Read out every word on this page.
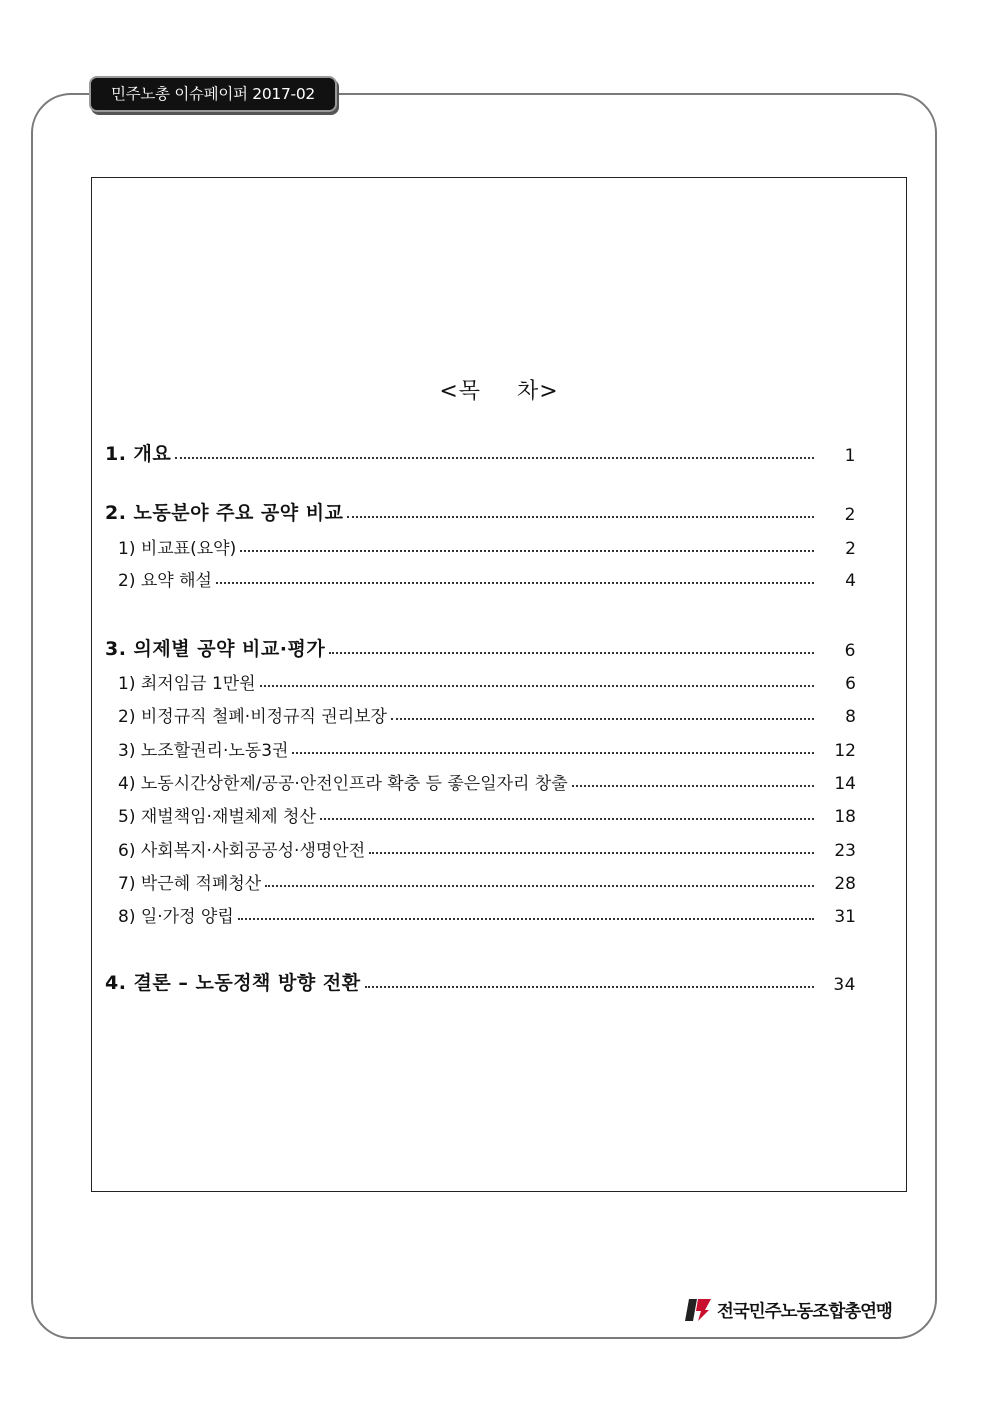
민주노총 이슈페이퍼 2017-02
<목 차>
1. 개요	1
2. 노동분야 주요 공약 비교	2
1) 비교표(요약)	2
2) 요약 해설	4
3. 의제별 공약 비교·평가	6
1) 최저임금 1만원	6
2) 비정규직 철폐·비정규직 권리보장	8
3) 노조할권리·노동3권	12
4) 노동시간상한제/공공·안전인프라 확충 등 좋은일자리 창출	14
5) 재벌책임·재벌체제 청산	18
6) 사회복지·사회공공성·생명안전	23
7) 박근혜 적폐청산	28
8) 일·가정 양립	31
4. 결론 – 노동정책 방향 전환	34
전국민주노동조합총연맹
